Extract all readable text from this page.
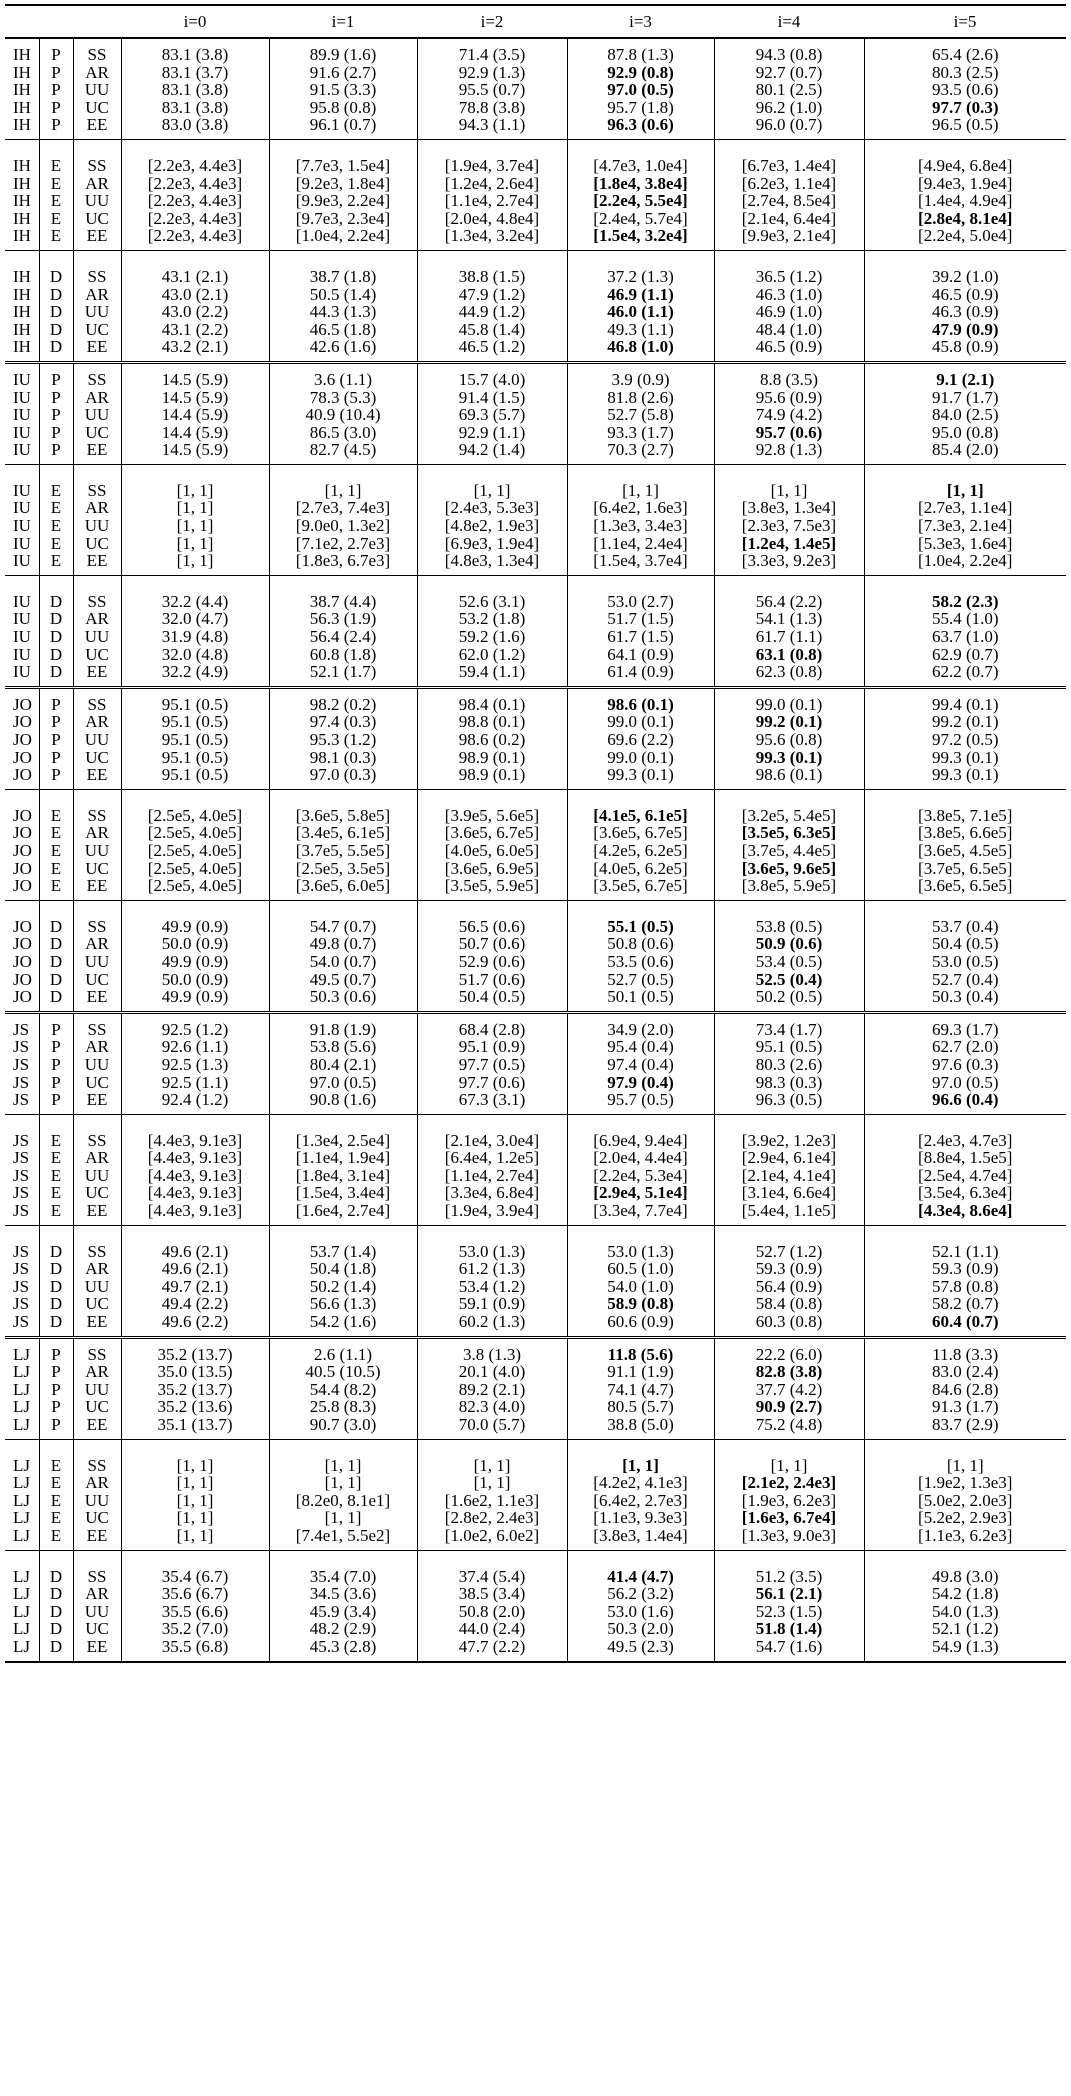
			i=0	i=1	i=2	i=3	i=4	i=5
IH	P	SS	83.1 (3.8)	89.9 (1.6)	71.4 (3.5)	87.8 (1.3)	94.3 (0.8)	65.4 (2.6)
IH	P	AR	83.1 (3.7)	91.6 (2.7)	92.9 (1.3)	92.9 (0.8)	92.7 (0.7)	80.3 (2.5)
IH	P	UU	83.1 (3.8)	91.5 (3.3)	95.5 (0.7)	97.0 (0.5)	80.1 (2.5)	93.5 (0.6)
IH	P	UC	83.1 (3.8)	95.8 (0.8)	78.8 (3.8)	95.7 (1.8)	96.2 (1.0)	97.7 (0.3)
IH	P	EE	83.0 (3.8)	96.1 (0.7)	94.3 (1.1)	96.3 (0.6)	96.0 (0.7)	96.5 (0.5)

IH	E	SS	[2.2e3, 4.4e3]	[7.7e3, 1.5e4]	[1.9e4, 3.7e4]	[4.7e3, 1.0e4]	[6.7e3, 1.4e4]	[4.9e4, 6.8e4]
IH	E	AR	[2.2e3, 4.4e3]	[9.2e3, 1.8e4]	[1.2e4, 2.6e4]	[1.8e4, 3.8e4]	[6.2e3, 1.1e4]	[9.4e3, 1.9e4]
IH	E	UU	[2.2e3, 4.4e3]	[9.9e3, 2.2e4]	[1.1e4, 2.7e4]	[2.2e4, 5.5e4]	[2.7e4, 8.5e4]	[1.4e4, 4.9e4]
IH	E	UC	[2.2e3, 4.4e3]	[9.7e3, 2.3e4]	[2.0e4, 4.8e4]	[2.4e4, 5.7e4]	[2.1e4, 6.4e4]	[2.8e4, 8.1e4]
IH	E	EE	[2.2e3, 4.4e3]	[1.0e4, 2.2e4]	[1.3e4, 3.2e4]	[1.5e4, 3.2e4]	[9.9e3, 2.1e4]	[2.2e4, 5.0e4]

IH	D	SS	43.1 (2.1)	38.7 (1.8)	38.8 (1.5)	37.2 (1.3)	36.5 (1.2)	39.2 (1.0)
IH	D	AR	43.0 (2.1)	50.5 (1.4)	47.9 (1.2)	46.9 (1.1)	46.3 (1.0)	46.5 (0.9)
IH	D	UU	43.0 (2.2)	44.3 (1.3)	44.9 (1.2)	46.0 (1.1)	46.9 (1.0)	46.3 (0.9)
IH	D	UC	43.1 (2.2)	46.5 (1.8)	45.8 (1.4)	49.3 (1.1)	48.4 (1.0)	47.9 (0.9)
IH	D	EE	43.2 (2.1)	42.6 (1.6)	46.5 (1.2)	46.8 (1.0)	46.5 (0.9)	45.8 (0.9)
IU	P	SS	14.5 (5.9)	3.6 (1.1)	15.7 (4.0)	3.9 (0.9)	8.8 (3.5)	9.1 (2.1)
IU	P	AR	14.5 (5.9)	78.3 (5.3)	91.4 (1.5)	81.8 (2.6)	95.6 (0.9)	91.7 (1.7)
IU	P	UU	14.4 (5.9)	40.9 (10.4)	69.3 (5.7)	52.7 (5.8)	74.9 (4.2)	84.0 (2.5)
IU	P	UC	14.4 (5.9)	86.5 (3.0)	92.9 (1.1)	93.3 (1.7)	95.7 (0.6)	95.0 (0.8)
IU	P	EE	14.5 (5.9)	82.7 (4.5)	94.2 (1.4)	70.3 (2.7)	92.8 (1.3)	85.4 (2.0)

IU	E	SS	[1, 1]	[1, 1]	[1, 1]	[1, 1]	[1, 1]	[1, 1]
IU	E	AR	[1, 1]	[2.7e3, 7.4e3]	[2.4e3, 5.3e3]	[6.4e2, 1.6e3]	[3.8e3, 1.3e4]	[2.7e3, 1.1e4]
IU	E	UU	[1, 1]	[9.0e0, 1.3e2]	[4.8e2, 1.9e3]	[1.3e3, 3.4e3]	[2.3e3, 7.5e3]	[7.3e3, 2.1e4]
IU	E	UC	[1, 1]	[7.1e2, 2.7e3]	[6.9e3, 1.9e4]	[1.1e4, 2.4e4]	[1.2e4, 1.4e5]	[5.3e3, 1.6e4]
IU	E	EE	[1, 1]	[1.8e3, 6.7e3]	[4.8e3, 1.3e4]	[1.5e4, 3.7e4]	[3.3e3, 9.2e3]	[1.0e4, 2.2e4]

IU	D	SS	32.2 (4.4)	38.7 (4.4)	52.6 (3.1)	53.0 (2.7)	56.4 (2.2)	58.2 (2.3)
IU	D	AR	32.0 (4.7)	56.3 (1.9)	53.2 (1.8)	51.7 (1.5)	54.1 (1.3)	55.4 (1.0)
IU	D	UU	31.9 (4.8)	56.4 (2.4)	59.2 (1.6)	61.7 (1.5)	61.7 (1.1)	63.7 (1.0)
IU	D	UC	32.0 (4.8)	60.8 (1.8)	62.0 (1.2)	64.1 (0.9)	63.1 (0.8)	62.9 (0.7)
IU	D	EE	32.2 (4.9)	52.1 (1.7)	59.4 (1.1)	61.4 (0.9)	62.3 (0.8)	62.2 (0.7)
JO	P	SS	95.1 (0.5)	98.2 (0.2)	98.4 (0.1)	98.6 (0.1)	99.0 (0.1)	99.4 (0.1)
JO	P	AR	95.1 (0.5)	97.4 (0.3)	98.8 (0.1)	99.0 (0.1)	99.2 (0.1)	99.2 (0.1)
JO	P	UU	95.1 (0.5)	95.3 (1.2)	98.6 (0.2)	69.6 (2.2)	95.6 (0.8)	97.2 (0.5)
JO	P	UC	95.1 (0.5)	98.1 (0.3)	98.9 (0.1)	99.0 (0.1)	99.3 (0.1)	99.3 (0.1)
JO	P	EE	95.1 (0.5)	97.0 (0.3)	98.9 (0.1)	99.3 (0.1)	98.6 (0.1)	99.3 (0.1)

JO	E	SS	[2.5e5, 4.0e5]	[3.6e5, 5.8e5]	[3.9e5, 5.6e5]	[4.1e5, 6.1e5]	[3.2e5, 5.4e5]	[3.8e5, 7.1e5]
JO	E	AR	[2.5e5, 4.0e5]	[3.4e5, 6.1e5]	[3.6e5, 6.7e5]	[3.6e5, 6.7e5]	[3.5e5, 6.3e5]	[3.8e5, 6.6e5]
JO	E	UU	[2.5e5, 4.0e5]	[3.7e5, 5.5e5]	[4.0e5, 6.0e5]	[4.2e5, 6.2e5]	[3.7e5, 4.4e5]	[3.6e5, 4.5e5]
JO	E	UC	[2.5e5, 4.0e5]	[2.5e5, 3.5e5]	[3.6e5, 6.9e5]	[4.0e5, 6.2e5]	[3.6e5, 9.6e5]	[3.7e5, 6.5e5]
JO	E	EE	[2.5e5, 4.0e5]	[3.6e5, 6.0e5]	[3.5e5, 5.9e5]	[3.5e5, 6.7e5]	[3.8e5, 5.9e5]	[3.6e5, 6.5e5]

JO	D	SS	49.9 (0.9)	54.7 (0.7)	56.5 (0.6)	55.1 (0.5)	53.8 (0.5)	53.7 (0.4)
JO	D	AR	50.0 (0.9)	49.8 (0.7)	50.7 (0.6)	50.8 (0.6)	50.9 (0.6)	50.4 (0.5)
JO	D	UU	49.9 (0.9)	54.0 (0.7)	52.9 (0.6)	53.5 (0.6)	53.4 (0.5)	53.0 (0.5)
JO	D	UC	50.0 (0.9)	49.5 (0.7)	51.7 (0.6)	52.7 (0.5)	52.5 (0.4)	52.7 (0.4)
JO	D	EE	49.9 (0.9)	50.3 (0.6)	50.4 (0.5)	50.1 (0.5)	50.2 (0.5)	50.3 (0.4)
JS	P	SS	92.5 (1.2)	91.8 (1.9)	68.4 (2.8)	34.9 (2.0)	73.4 (1.7)	69.3 (1.7)
JS	P	AR	92.6 (1.1)	53.8 (5.6)	95.1 (0.9)	95.4 (0.4)	95.1 (0.5)	62.7 (2.0)
JS	P	UU	92.5 (1.3)	80.4 (2.1)	97.7 (0.5)	97.4 (0.4)	80.3 (2.6)	97.6 (0.3)
JS	P	UC	92.5 (1.1)	97.0 (0.5)	97.7 (0.6)	97.9 (0.4)	98.3 (0.3)	97.0 (0.5)
JS	P	EE	92.4 (1.2)	90.8 (1.6)	67.3 (3.1)	95.7 (0.5)	96.3 (0.5)	96.6 (0.4)

JS	E	SS	[4.4e3, 9.1e3]	[1.3e4, 2.5e4]	[2.1e4, 3.0e4]	[6.9e4, 9.4e4]	[3.9e2, 1.2e3]	[2.4e3, 4.7e3]
JS	E	AR	[4.4e3, 9.1e3]	[1.1e4, 1.9e4]	[6.4e4, 1.2e5]	[2.0e4, 4.4e4]	[2.9e4, 6.1e4]	[8.8e4, 1.5e5]
JS	E	UU	[4.4e3, 9.1e3]	[1.8e4, 3.1e4]	[1.1e4, 2.7e4]	[2.2e4, 5.3e4]	[2.1e4, 4.1e4]	[2.5e4, 4.7e4]
JS	E	UC	[4.4e3, 9.1e3]	[1.5e4, 3.4e4]	[3.3e4, 6.8e4]	[2.9e4, 5.1e4]	[3.1e4, 6.6e4]	[3.5e4, 6.3e4]
JS	E	EE	[4.4e3, 9.1e3]	[1.6e4, 2.7e4]	[1.9e4, 3.9e4]	[3.3e4, 7.7e4]	[5.4e4, 1.1e5]	[4.3e4, 8.6e4]

JS	D	SS	49.6 (2.1)	53.7 (1.4)	53.0 (1.3)	53.0 (1.3)	52.7 (1.2)	52.1 (1.1)
JS	D	AR	49.6 (2.1)	50.4 (1.8)	61.2 (1.3)	60.5 (1.0)	59.3 (0.9)	59.3 (0.9)
JS	D	UU	49.7 (2.1)	50.2 (1.4)	53.4 (1.2)	54.0 (1.0)	56.4 (0.9)	57.8 (0.8)
JS	D	UC	49.4 (2.2)	56.6 (1.3)	59.1 (0.9)	58.9 (0.8)	58.4 (0.8)	58.2 (0.7)
JS	D	EE	49.6 (2.2)	54.2 (1.6)	60.2 (1.3)	60.6 (0.9)	60.3 (0.8)	60.4 (0.7)
LJ	P	SS	35.2 (13.7)	2.6 (1.1)	3.8 (1.3)	11.8 (5.6)	22.2 (6.0)	11.8 (3.3)
LJ	P	AR	35.0 (13.5)	40.5 (10.5)	20.1 (4.0)	91.1 (1.9)	82.8 (3.8)	83.0 (2.4)
LJ	P	UU	35.2 (13.7)	54.4 (8.2)	89.2 (2.1)	74.1 (4.7)	37.7 (4.2)	84.6 (2.8)
LJ	P	UC	35.2 (13.6)	25.8 (8.3)	82.3 (4.0)	80.5 (5.7)	90.9 (2.7)	91.3 (1.7)
LJ	P	EE	35.1 (13.7)	90.7 (3.0)	70.0 (5.7)	38.8 (5.0)	75.2 (4.8)	83.7 (2.9)

LJ	E	SS	[1, 1]	[1, 1]	[1, 1]	[1, 1]	[1, 1]	[1, 1]
LJ	E	AR	[1, 1]	[1, 1]	[1, 1]	[4.2e2, 4.1e3]	[2.1e2, 2.4e3]	[1.9e2, 1.3e3]
LJ	E	UU	[1, 1]	[8.2e0, 8.1e1]	[1.6e2, 1.1e3]	[6.4e2, 2.7e3]	[1.9e3, 6.2e3]	[5.0e2, 2.0e3]
LJ	E	UC	[1, 1]	[1, 1]	[2.8e2, 2.4e3]	[1.1e3, 9.3e3]	[1.6e3, 6.7e4]	[5.2e2, 2.9e3]
LJ	E	EE	[1, 1]	[7.4e1, 5.5e2]	[1.0e2, 6.0e2]	[3.8e3, 1.4e4]	[1.3e3, 9.0e3]	[1.1e3, 6.2e3]

LJ	D	SS	35.4 (6.7)	35.4 (7.0)	37.4 (5.4)	41.4 (4.7)	51.2 (3.5)	49.8 (3.0)
LJ	D	AR	35.6 (6.7)	34.5 (3.6)	38.5 (3.4)	56.2 (3.2)	56.1 (2.1)	54.2 (1.8)
LJ	D	UU	35.5 (6.6)	45.9 (3.4)	50.8 (2.0)	53.0 (1.6)	52.3 (1.5)	54.0 (1.3)
LJ	D	UC	35.2 (7.0)	48.2 (2.9)	44.0 (2.4)	50.3 (2.0)	51.8 (1.4)	52.1 (1.2)
LJ	D	EE	35.5 (6.8)	45.3 (2.8)	47.7 (2.2)	49.5 (2.3)	54.7 (1.6)	54.9 (1.3)
